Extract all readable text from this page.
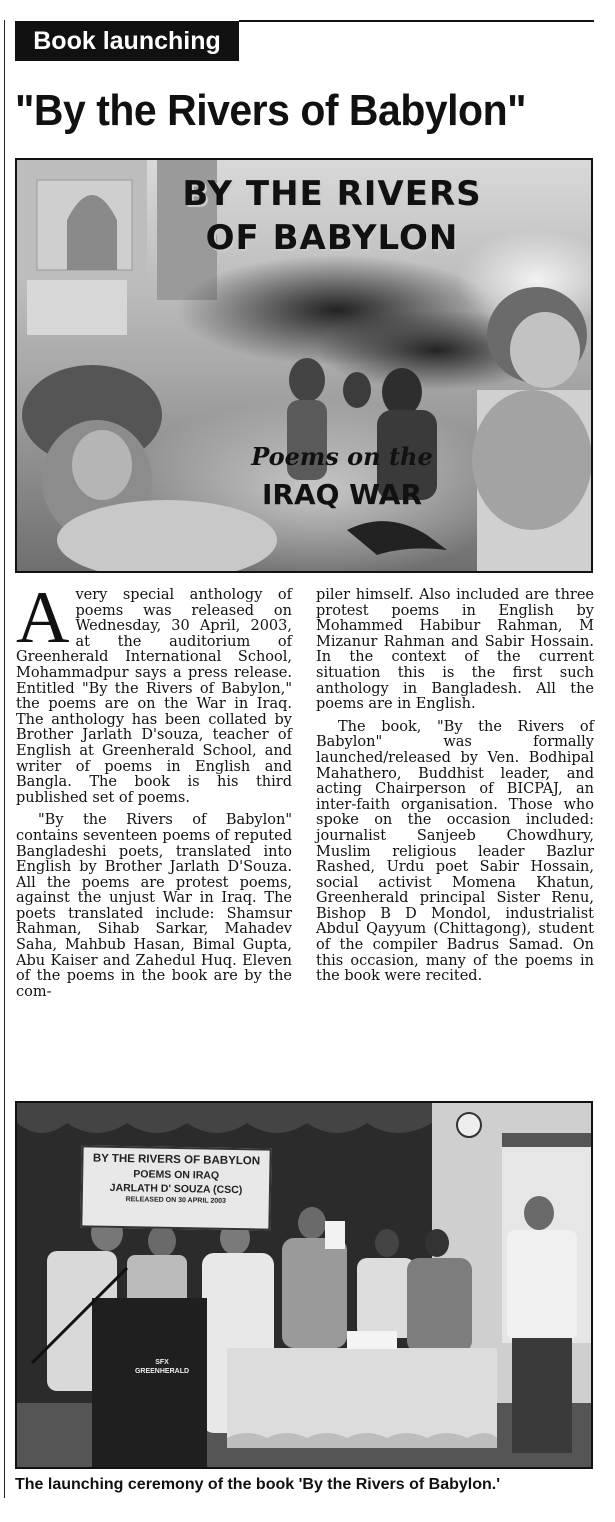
Book launching
"By the Rivers of Babylon"
BY THE RIVERS
OF BABYLON
Poems on the
IRAQ WAR

Avery special anthology of poems was released on Wednesday, 30 April, 2003, at the auditorium of Greenherald International School, Mohammadpur says a press release. Entitled "By the Rivers of Babylon," the poems are on the War in Iraq. The anthology has been collated by Brother Jarlath D'souza, teacher of English at Greenherald School, and writer of poems in English and Bangla. The book is his third published set of poems.

"By the Rivers of Babylon" contains seventeen poems of reputed Bangladeshi poets, translated into English by Brother Jarlath D'Souza. All the poems are protest poems, against the unjust War in Iraq. The poets translated include: Shamsur Rahman, Sihab Sarkar, Mahadev Saha, Mahbub Hasan, Bimal Gupta, Abu Kaiser and Zahedul Huq. Eleven of the poems in the book are by the com-

piler himself. Also included are three protest poems in English by Mohammed Habibur Rahman, M Mizanur Rahman and Sabir Hossain. In the context of the current situation this is the first such anthology in Bangladesh. All the poems are in English.

The book, "By the Rivers of Babylon" was formally launched/released by Ven. Bodhipal Mahathero, Buddhist leader, and acting Chairperson of BICPAJ, an inter-faith organisation. Those who spoke on the occasion included: journalist Sanjeeb Chowdhury, Muslim religious leader Bazlur Rashed, Urdu poet Sabir Hossain, social activist Momena Khatun, Greenherald principal Sister Renu, Bishop B D Mondol, industrialist Abdul Qayyum (Chittagong), student of the compiler Badrus Samad. On this occasion, many of the poems in the book were recited.

BY THE RIVERS OF BABYLON
POEMS ON IRAQ
JARLATH D' SOUZA (CSC)
RELEASED ON 30 APRIL 2003
SFX
GREENHERALD

The launching ceremony of the book 'By the Rivers of Babylon.'
